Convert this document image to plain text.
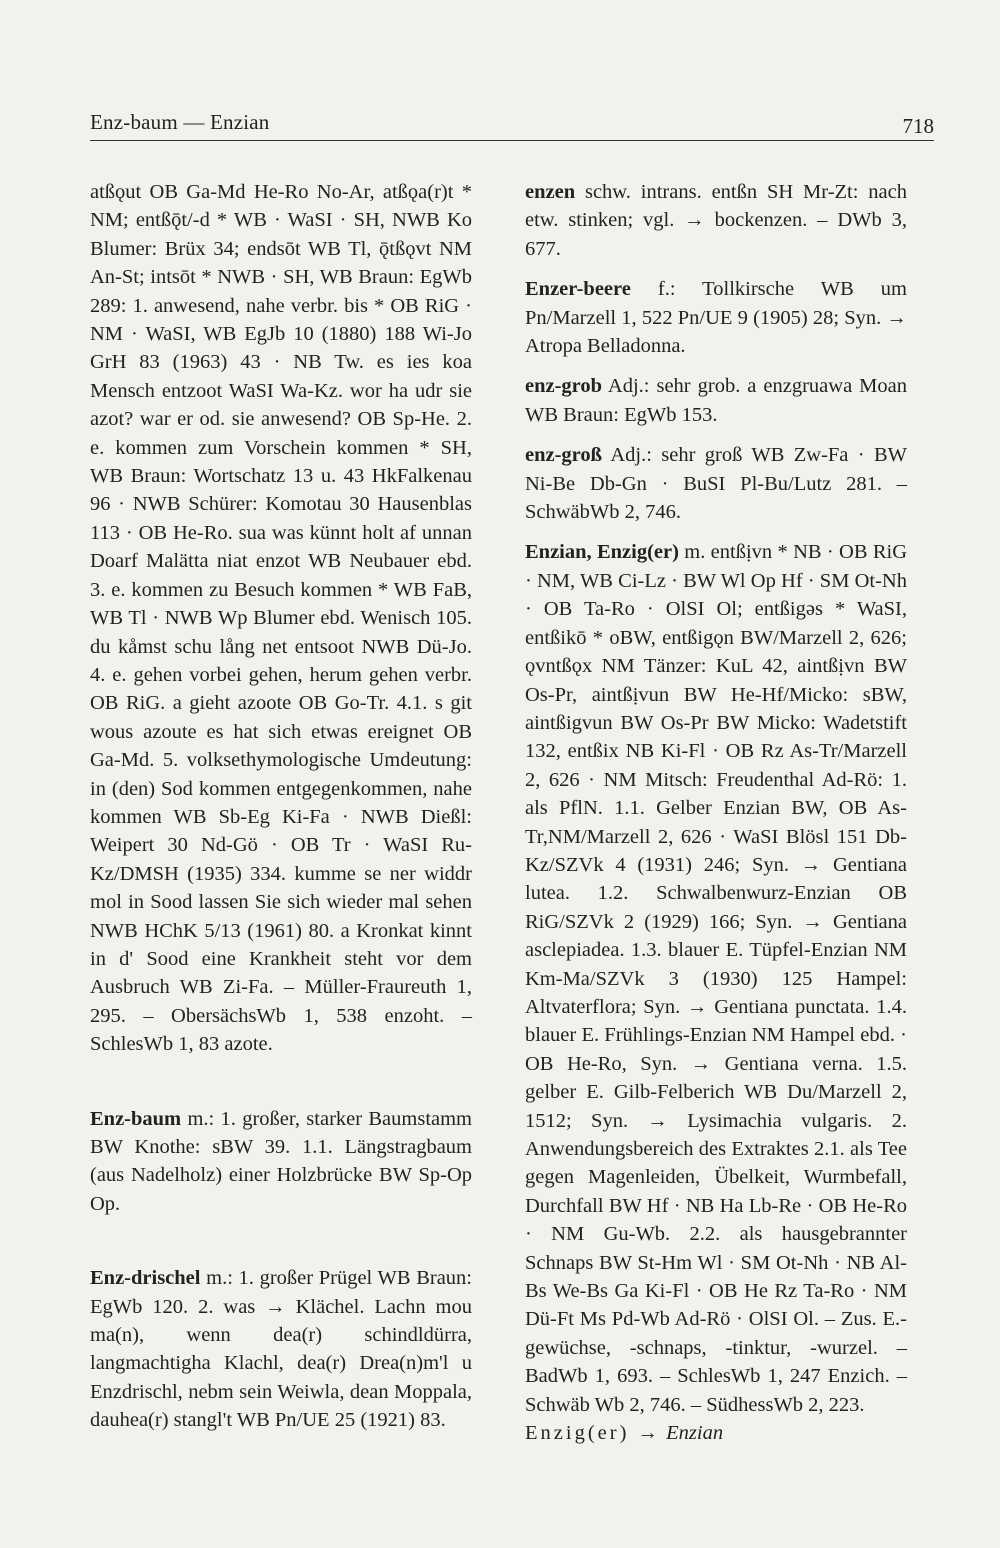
Enz-baum — Enzian	718

atßǫut OB Ga-Md He-Ro No-Ar, atßǫa(r)t * NM; entßǭt/-d * WB · WaSI · SH, NWB Ko Blumer: Brüx 34; endsōt WB Tl, ǭtßǫvt NM An-St; intsōt * NWB · SH, WB Braun: EgWb 289: 1. anwesend, nahe verbr. bis * OB RiG · NM · WaSI, WB EgJb 10 (1880) 188 Wi-Jo GrH 83 (1963) 43 · NB Tw. es ies koa Mensch entzoot WaSI Wa-Kz. wor ha udr sie azot? war er od. sie anwesend? OB Sp-He. 2. e. kommen zum Vorschein kommen * SH, WB Braun: Wortschatz 13 u. 43 HkFalkenau 96 · NWB Schürer: Komotau 30 Hausenblas 113 · OB He-Ro. sua was künnt holt af unnan Doarf Malätta niat enzot WB Neubauer ebd. 3. e. kommen zu Besuch kommen * WB FaB, WB Tl · NWB Wp Blumer ebd. Wenisch 105. du kåmst schu lång net entsoot NWB Dü-Jo. 4. e. gehen vorbei gehen, herum gehen verbr. OB RiG. a gieht azoote OB Go-Tr. 4.1. s git wous azoute es hat sich etwas ereignet OB Ga-Md. 5. volksethymologische Umdeutung: in (den) Sod kommen entgegenkommen, nahe kommen WB Sb-Eg Ki-Fa · NWB Dießl: Weipert 30 Nd-Gö · OB Tr · WaSI Ru-Kz/DMSH (1935) 334. kumme se ner widdr mol in Sood lassen Sie sich wieder mal sehen NWB HChK 5/13 (1961) 80. a Kronkat kinnt in d' Sood eine Krankheit steht vor dem Ausbruch WB Zi-Fa. – Müller-Fraureuth 1, 295. – ObersächsWb 1, 538 enzoht. – SchlesWb 1, 83 azote.

Enz-baum m.: 1. großer, starker Baumstamm BW Knothe: sBW 39. 1.1. Längstragbaum (aus Nadelholz) einer Holzbrücke BW Sp-Op Op.

Enz-drischel m.: 1. großer Prügel WB Braun: EgWb 120. 2. was → Klächel. Lachn mou ma(n), wenn dea(r) schindldürra, langmachtigha Klachl, dea(r) Drea(n)m'l u Enzdrischl, nebm sein Weiwla, dean Moppala, dauhea(r) stangl't WB Pn/UE 25 (1921) 83.

enzen schw. intrans. entßn SH Mr-Zt: nach etw. stinken; vgl. → bockenzen. – DWb 3, 677.

Enzer-beere f.: Tollkirsche WB um Pn/Marzell 1, 522 Pn/UE 9 (1905) 28; Syn. → Atropa Belladonna.

enz-grob Adj.: sehr grob. a enzgruawa Moan WB Braun: EgWb 153.

enz-groß Adj.: sehr groß WB Zw-Fa · BW Ni-Be Db-Gn · BuSI Pl-Bu/Lutz 281. – SchwäbWb 2, 746.

Enzian, Enzig(er) m. entßịvn * NB · OB RiG · NM, WB Ci-Lz · BW Wl Op Hf · SM Ot-Nh · OB Ta-Ro · OlSI Ol; entßigǝs * WaSI, entßikō * oBW, entßigǫn BW/Marzell 2, 626; ǫvntßǫx NM Tänzer: KuL 42, aintßịvn BW Os-Pr, aintßịvun BW He-Hf/Micko: sBW, aintßigvun BW Os-Pr BW Micko: Wadetstift 132, entßix NB Ki-Fl · OB Rz As-Tr/Marzell 2, 626 · NM Mitsch: Freudenthal Ad-Rö: 1. als PflN. 1.1. Gelber Enzian BW, OB As-Tr,NM/Marzell 2, 626 · WaSI Blösl 151 Db-Kz/SZVk 4 (1931) 246; Syn. → Gentiana lutea. 1.2. Schwalbenwurz-Enzian OB RiG/SZVk 2 (1929) 166; Syn. → Gentiana asclepiadea. 1.3. blauer E. Tüpfel-Enzian NM Km-Ma/SZVk 3 (1930) 125 Hampel: Altvaterflora; Syn. → Gentiana punctata. 1.4. blauer E. Frühlings-Enzian NM Hampel ebd. · OB He-Ro, Syn. → Gentiana verna. 1.5. gelber E. Gilb-Felberich WB Du/Marzell 2, 1512; Syn. → Lysimachia vulgaris. 2. Anwendungsbereich des Extraktes 2.1. als Tee gegen Magenleiden, Übelkeit, Wurmbefall, Durchfall BW Hf · NB Ha Lb-Re · OB He-Ro · NM Gu-Wb. 2.2. als hausgebrannter Schnaps BW St-Hm Wl · SM Ot-Nh · NB Al-Bs We-Bs Ga Ki-Fl · OB He Rz Ta-Ro · NM Dü-Ft Ms Pd-Wb Ad-Rö · OlSI Ol. – Zus. E.-gewüchse, -schnaps, -tinktur, -wurzel. – BadWb 1, 693. – SchlesWb 1, 247 Enzich. – Schwäb Wb 2, 746. – SüdhessWb 2, 223.

Enzig(er) → Enzian
